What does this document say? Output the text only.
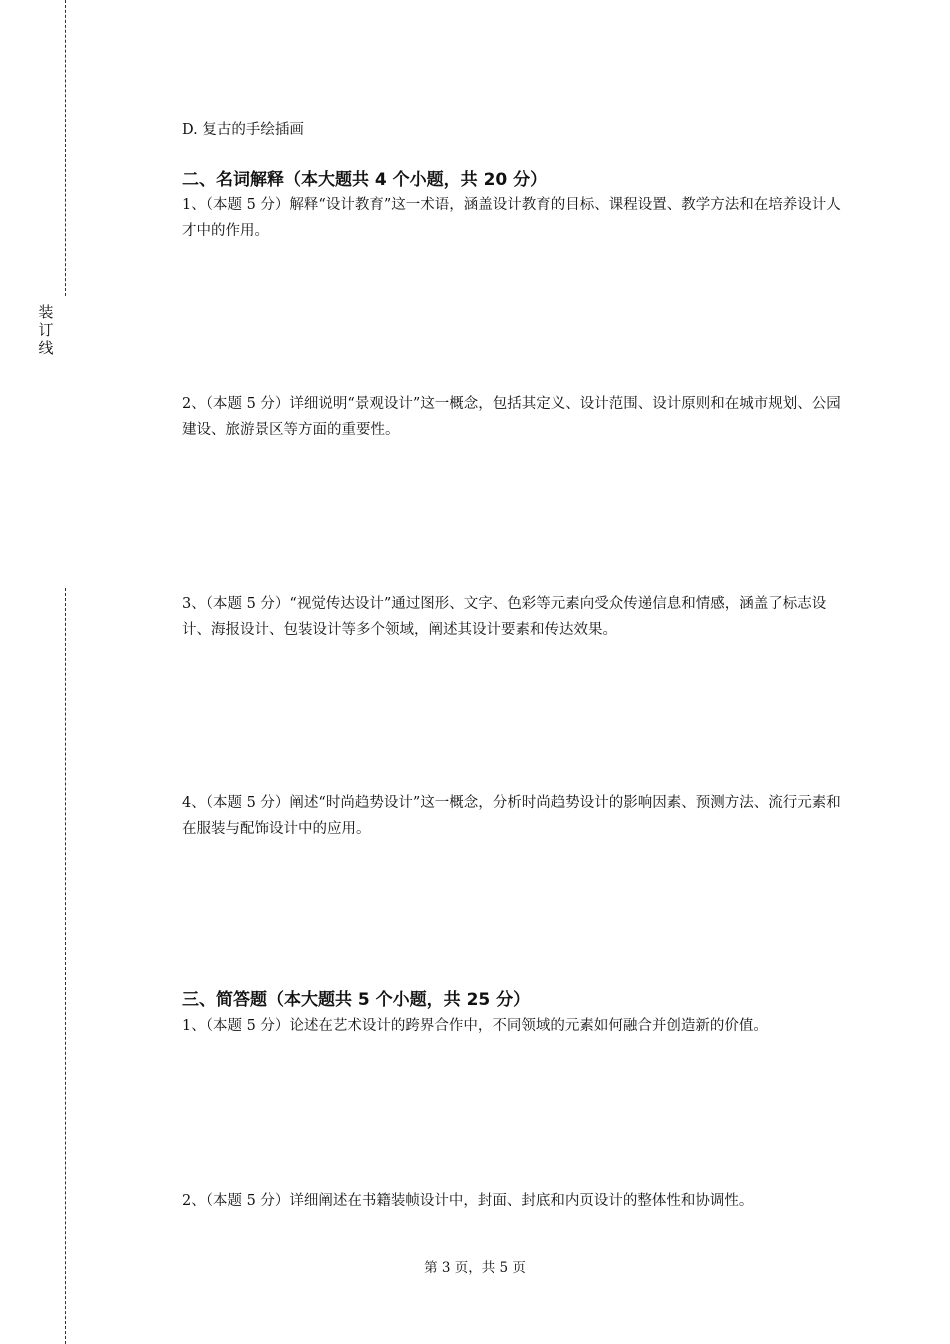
装
订
线
D. 复古的手绘插画
二、名词解释（本大题共 4 个小题，共 20 分）
1、（本题 5 分）解释“设计教育”这一术语，涵盖设计教育的目标、课程设置、教学方法和在培养设计人才中的作用。
2、（本题 5 分）详细说明“景观设计”这一概念，包括其定义、设计范围、设计原则和在城市规划、公园建设、旅游景区等方面的重要性。
3、（本题 5 分）“视觉传达设计”通过图形、文字、色彩等元素向受众传递信息和情感，涵盖了标志设计、海报设计、包装设计等多个领域，阐述其设计要素和传达效果。
4、（本题 5 分）阐述“时尚趋势设计”这一概念，分析时尚趋势设计的影响因素、预测方法、流行元素和在服装与配饰设计中的应用。
三、简答题（本大题共 5 个小题，共 25 分）
1、（本题 5 分）论述在艺术设计的跨界合作中，不同领域的元素如何融合并创造新的价值。
2、（本题 5 分）详细阐述在书籍装帧设计中，封面、封底和内页设计的整体性和协调性。
第 3 页，共 5 页
